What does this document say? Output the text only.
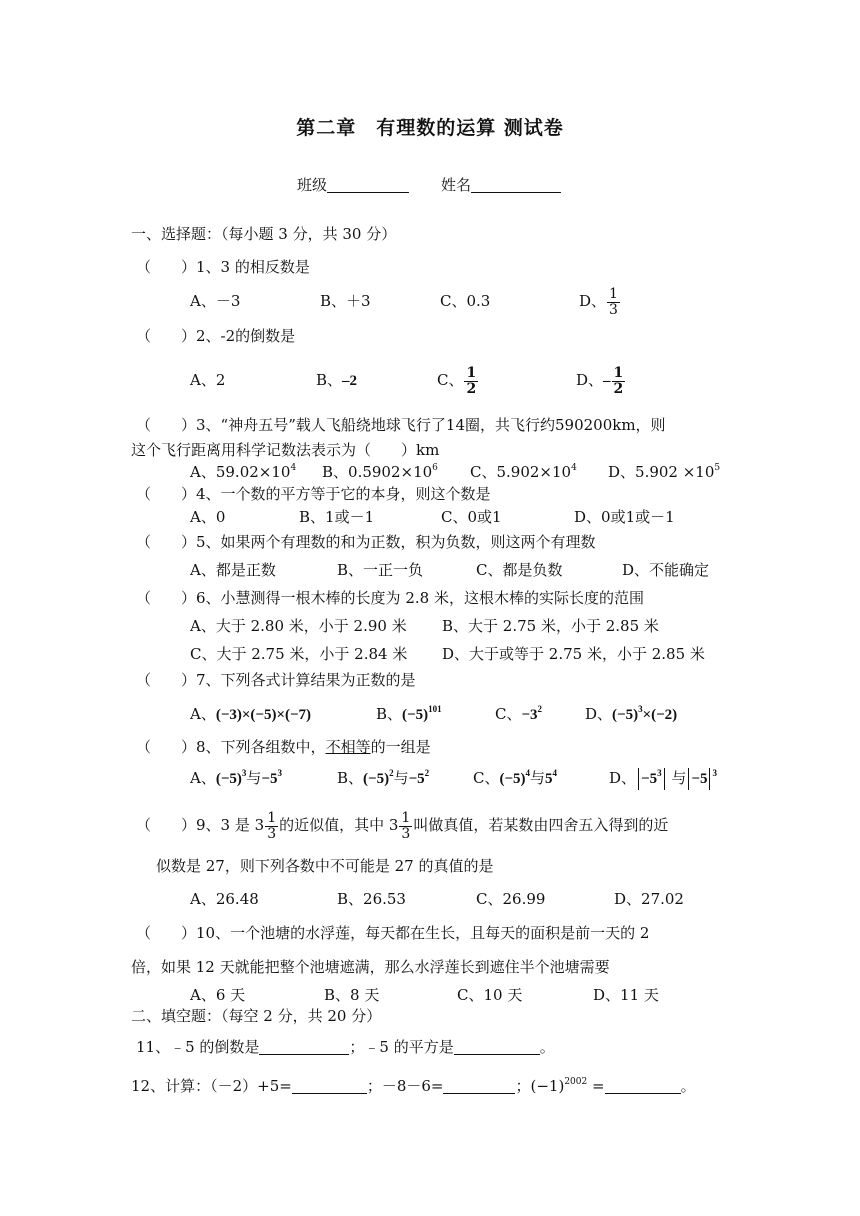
第二章　有理数的运算 测试卷
班级	姓名
一、选择题：（每小题 3 分，共 30 分）
（　　）1、3 的相反数是
A、－3	B、＋3	C、0.3	D、 $\frac{1}{3}$
（　　）2、-2的倒数是
A、2	B、–2	C、 $\frac{1}{2}$	D、– $\frac{1}{2}$
（　　）3、“神舟五号”载人飞船绕地球飞行了14圈，共飞行约590200km，则
这个飞行距离用科学记数法表示为（　　）km
A、$59.02\times 10^4$ B、$0.5902\times 10^6$ C、$5.902\times 10^4$ D、$5.902 \times 10^5$
（　　）4、一个数的平方等于它的本身，则这个数是
A、0	B、1或－1	C、0或1	D、0或1或－1
（　　）5、如果两个有理数的和为正数，积为负数，则这两个有理数
A、都是正数	B、一正一负	C、都是负数	D、不能确定
（　　）6、小慧测得一根木棒的长度为 2.8 米，这根木棒的实际长度的范围
A、大于 2.80 米，小于 2.90 米 B、大于 2.75 米，小于 2.85 米
C、大于 2.75 米，小于 2.84 米 D、大于或等于 2.75 米，小于 2.85 米
（　　）7、下列各式计算结果为正数的是
A、(−3)×(−5)×(−7)	B、$(-5)^{101}$	C、$-3^2$	D、$(-5)^3\times(-2)$
（　　）8、下列各组数中，不相等的一组是
A、$(-5)^3$与$-5^3$	B、$(-5)^2$与$-5^2$	C、$(-5)^4$与$5^4$	D、 $-5^3$ 与 −5 $^3$
（　　）9、3 是 $3 \frac{1}{3}$ 的近似值，其中 $3 \frac{1}{3}$ 叫做真值，若某数由四舍五入得到的近
似数是 27，则下列各数中不可能是 27 的真值的是
A、26.48	B、26.53	C、26.99	D、27.02
（　　）10、一个池塘的水浮莲，每天都在生长，且每天的面积是前一天的 2
倍，如果 12 天就能把整个池塘遮满，那么水浮莲长到遮住半个池塘需要
A、6 天	B、8 天	C、10 天	D、11 天
二、填空题：（每空 2 分，共 20 分）
11、﹣5 的倒数是	；﹣5 的平方是	。
12、计算：（－2）+5=	；－8－6=	；$(-1)^{2002}$ =	。
